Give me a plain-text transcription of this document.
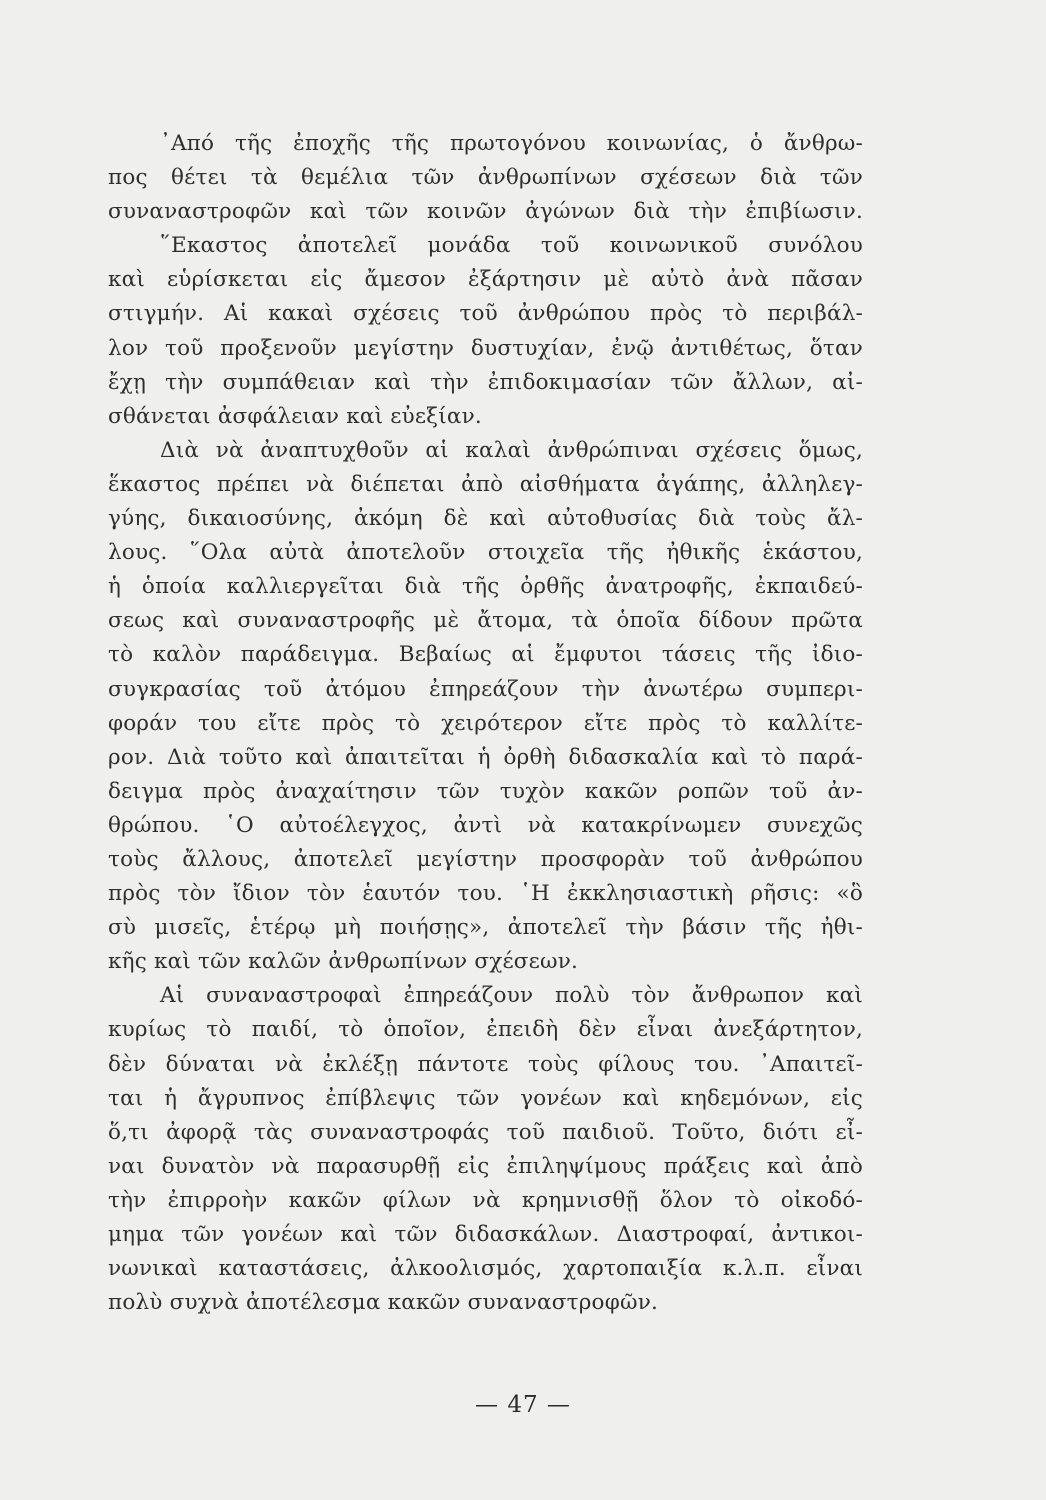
᾿Από τῆς ἐποχῆς τῆς πρωτογόνου κοινωνίας, ὁ ἄνθρω-
πος θέτει τὰ θεμέλια τῶν ἀνθρωπίνων σχέσεων διὰ τῶν
συναναστροφῶν καὶ τῶν κοινῶν ἀγώνων διὰ τὴν ἐπιβίωσιν.
῞Εκαστος ἀποτελεῖ μονάδα τοῦ κοινωνικοῦ συνόλου
καὶ εὑρίσκεται εἰς ἄμεσον ἐξάρτησιν μὲ αὐτὸ ἀνὰ πᾶσαν
στιγμήν. Αἱ κακαὶ σχέσεις τοῦ ἀνθρώπου πρὸς τὸ περιβάλ-
λον τοῦ προξενοῦν μεγίστην δυστυχίαν, ἐνῷ ἀντιθέτως, ὅταν
ἔχῃ τὴν συμπάθειαν καὶ τὴν ἐπιδοκιμασίαν τῶν ἄλλων, αἰ-
σθάνεται ἀσφάλειαν καὶ εὐεξίαν.
Διὰ νὰ ἀναπτυχθοῦν αἱ καλαὶ ἀνθρώπιναι σχέσεις ὅμως,
ἕκαστος πρέπει νὰ διέπεται ἀπὸ αἰσθήματα ἀγάπης, ἀλληλεγ-
γύης, δικαιοσύνης, ἀκόμη δὲ καὶ αὐτοθυσίας διὰ τοὺς ἄλ-
λους. ῞Ολα αὐτὰ ἀποτελοῦν στοιχεῖα τῆς ἠθικῆς ἑκάστου,
ἡ ὁποία καλλιεργεῖται διὰ τῆς ὀρθῆς ἀνατροφῆς, ἐκπαιδεύ-
σεως καὶ συναναστροφῆς μὲ ἄτομα, τὰ ὁποῖα δίδουν πρῶτα
τὸ καλὸν παράδειγμα. Βεβαίως αἱ ἔμφυτοι τάσεις τῆς ἰδιο-
συγκρασίας τοῦ ἀτόμου ἐπηρεάζουν τὴν ἀνωτέρω συμπερι-
φοράν του εἴτε πρὸς τὸ χειρότερον εἴτε πρὸς τὸ καλλίτε-
ρον. Διὰ τοῦτο καὶ ἀπαιτεῖται ἡ ὀρθὴ διδασκαλία καὶ τὸ παρά-
δειγμα πρὸς ἀναχαίτησιν τῶν τυχὸν κακῶν ροπῶν τοῦ ἀν-
θρώπου. ῾Ο αὐτοέλεγχος, ἀντὶ νὰ κατακρίνωμεν συνεχῶς
τοὺς ἄλλους, ἀποτελεῖ μεγίστην προσφορὰν τοῦ ἀνθρώπου
πρὸς τὸν ἴδιον τὸν ἑαυτόν του. ῾Η ἐκκλησιαστικὴ ρῆσις: «ὃ
σὺ μισεῖς, ἑτέρῳ μὴ ποιήσῃς», ἀποτελεῖ τὴν βάσιν τῆς ἠθι-
κῆς καὶ τῶν καλῶν ἀνθρωπίνων σχέσεων.
Αἱ συναναστροφαὶ ἐπηρεάζουν πολὺ τὸν ἄνθρωπον καὶ
κυρίως τὸ παιδί, τὸ ὁποῖον, ἐπειδὴ δὲν εἶναι ἀνεξάρτητον,
δὲν δύναται νὰ ἐκλέξῃ πάντοτε τοὺς φίλους του. ᾿Απαιτεῖ-
ται ἡ ἄγρυπνος ἐπίβλεψις τῶν γονέων καὶ κηδεμόνων, εἰς
ὅ,τι ἀφορᾷ τὰς συναναστροφάς τοῦ παιδιοῦ. Τοῦτο, διότι εἶ-
ναι δυνατὸν νὰ παρασυρθῇ εἰς ἐπιληψίμους πράξεις καὶ ἀπὸ
τὴν ἐπιρροὴν κακῶν φίλων νὰ κρημνισθῇ ὅλον τὸ οἰκοδό-
μημα τῶν γονέων καὶ τῶν διδασκάλων. Διαστροφαί, ἀντικοι-
νωνικαὶ καταστάσεις, ἀλκοολισμός, χαρτοπαιξία κ.λ.π. εἶναι
πολὺ συχνὰ ἀποτέλεσμα κακῶν συναναστροφῶν.
— 47 —
